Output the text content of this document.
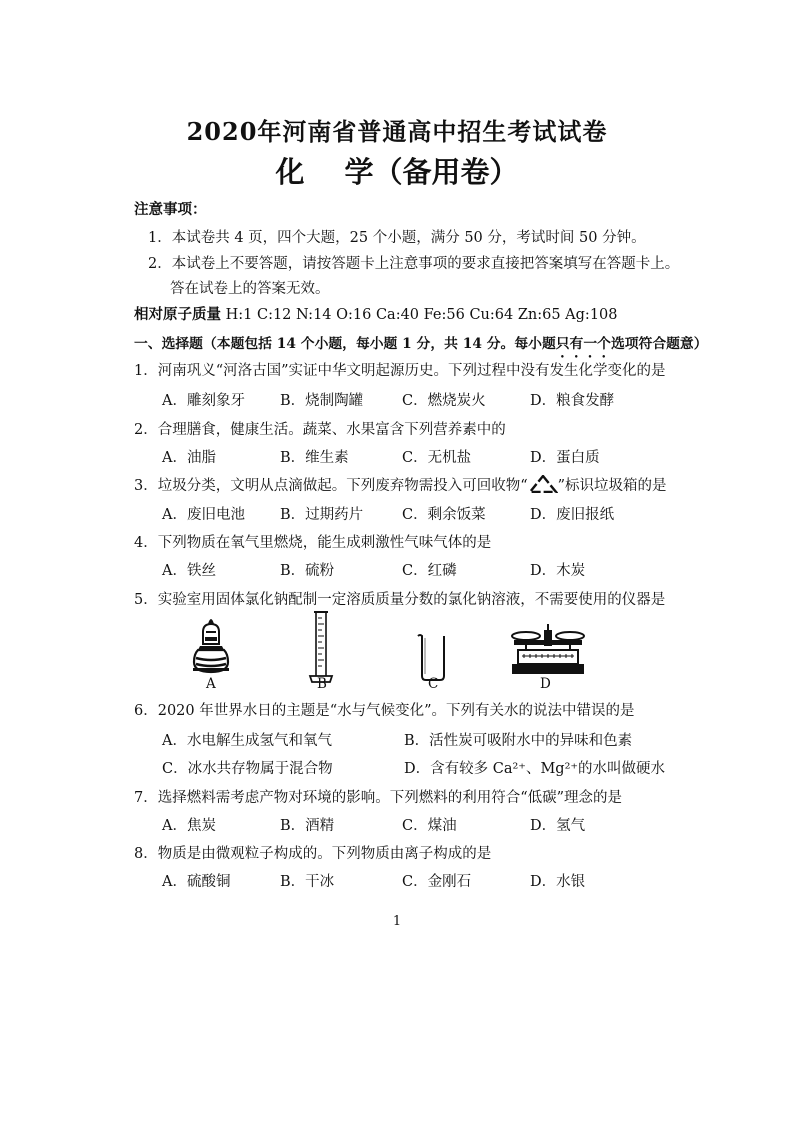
2020年河南省普通高中招生考试试卷
化 学（备用卷）
注意事项：
1．本试卷共 4 页，四个大题，25 个小题，满分 50 分，考试时间 50 分钟。
2．本试卷上不要答题，请按答题卡上注意事项的要求直接把答案填写在答题卡上。
答在试卷上的答案无效。
相对原子质量 H:1 C:12 N:14 O:16 Ca:40 Fe:56 Cu:64 Zn:65 Ag:108
一、选择题（本题包括 14 个小题，每小题 1 分，共 14 分。每小题只有一个选项符合题意）
1．河南巩义“河洛古国”实证中华文明起源历史。下列过程中没有发生化学变化的是
A．雕刻象牙 B．烧制陶罐	C．燃烧炭火	D．粮食发酵
2．合理膳食，健康生活。蔬菜、水果富含下列营养素中的
A．油脂	B．维生素	C．无机盐	D．蛋白质
3．垃圾分类，文明从点滴做起。下列废弃物需投入可回收物“ ”标识垃圾箱的是
A．废旧电池 B．过期药片	C．剩余饭菜	D．废旧报纸
4．下列物质在氧气里燃烧，能生成刺激性气味气体的是
A．铁丝	B．硫粉	C．红磷	D．木炭
5．实验室用固体氯化钠配制一定溶质质量分数的氯化钠溶液，不需要使用的仪器是
A	B	C	D
6．2020 年世界水日的主题是“水与气候变化”。下列有关水的说法中错误的是
A．水电解生成氢气和氧气	B．活性炭可吸附水中的异味和色素
C．冰水共存物属于混合物	D．含有较多 Ca²⁺、Mg²⁺的水叫做硬水
7．选择燃料需考虑产物对环境的影响。下列燃料的利用符合“低碳”理念的是
A．焦炭	B．酒精	C．煤油	D．氢气
8．物质是由微观粒子构成的。下列物质由离子构成的是
A．硫酸铜	B．干冰	C．金刚石	D．水银
1
